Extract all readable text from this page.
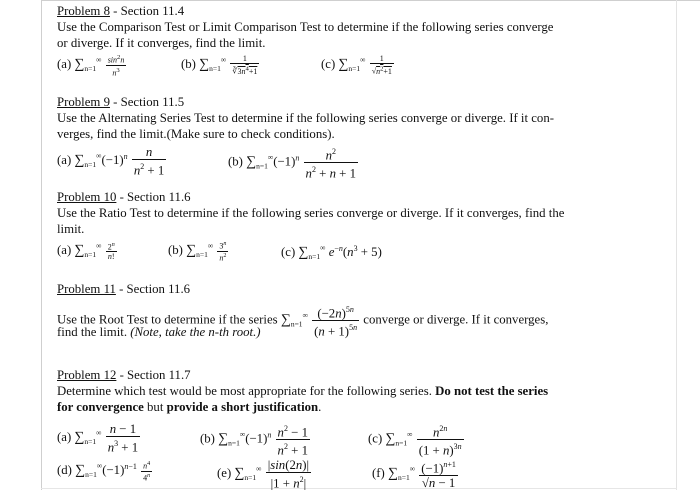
Problem 8 - Section 11.4
Use the Comparison Test or Limit Comparison Test to determine if the following series converge
or diverge. If it converges, find the limit.
(a) $\sum_{n=1}^\infty \frac{\sin^2n}{n^3}$	(b) $\sum_{n=1}^\infty \frac{1}{∛3n^4+1}$	(c) $\sum_{n=1}^\infty \frac{1}{√n^2+1}$
Problem 9 - Section 11.5
Use the Alternating Series Test to determine if the following series converge or diverge. If it con-
verges, find the limit.(Make sure to check conditions).
(a) $\sum_{n=1}^\infty(-1)^n \frac{n}{n^2 + 1}$	(b) $\sum_{n=1}^\infty(-1)^n \frac{n^2}{n^2 + n + 1}$
Problem 10 - Section 11.6
Use the Ratio Test to determine if the following series converge or diverge. If it converges, find the
limit.
(a) $\sum_{n=1}^\infty \frac{2^n}{n!}$	(b) $\sum_{n=1}^\infty \frac{3^n}{n^2}$	(c) $\sum_{n=1}^\infty$ $e^{-n}(n^3 + 5)$
Problem 11 - Section 11.6
Use the Root Test to determine if the series $\sum_{n=1}^\infty \frac{(-2n)^{5n}}{(n + 1)^{5n}}$ converge or diverge. If it converges,
find the limit. (Note, take the n-th root.)
Problem 12 - Section 11.7
Determine which test would be most appropriate for the following series. Do not test the series
for convergence but provide a short justification.
(a) $\sum_{n=1}^\infty \frac{n - 1}{n^3 + 1}$	(b) $\sum_{n=1}^\infty(-1)^n \frac{n^2 - 1}{n^2 + 1}$	(c) $\sum_{n=1}^\infty \frac{n^{2n}}{(1 + n)^{3n}}$
(d) $\sum_{n=1}^\infty(-1)^{n-1} \frac{n^4}{4^n}$	(e) $\sum_{n=1}^\infty \frac{|\sin(2n)|}{|1 + n^2|}$	(f) $\sum_{n=1}^\infty \frac{(-1)^{n+1}}{√n - 1}$
